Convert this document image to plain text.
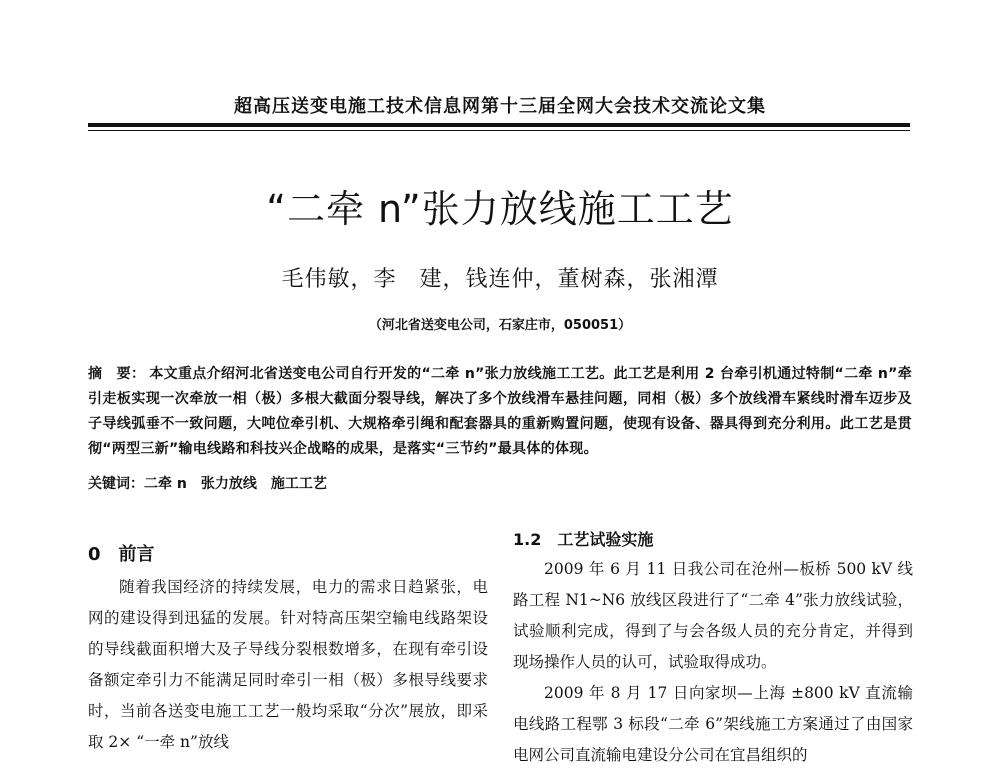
超高压送变电施工技术信息网第十三届全网大会技术交流论文集
“二牵 n”张力放线施工工艺
毛伟敏，李　建，钱连仲，董树森，张湘潭
（河北省送变电公司，石家庄市，050051）
摘　要： 本文重点介绍河北省送变电公司自行开发的“二牵 n”张力放线施工工艺。此工艺是利用 2 台牵引机通过特制“二牵 n”牵引走板实现一次牵放一相（极）多根大截面分裂导线，解决了多个放线滑车悬挂问题，同相（极）多个放线滑车紧线时滑车迈步及子导线弧垂不一致问题，大吨位牵引机、大规格牵引绳和配套器具的重新购置问题，使现有设备、器具得到充分利用。此工艺是贯彻“两型三新”输电线路和科技兴企战略的成果，是落实“三节约”最具体的体现。
关键词：二牵 n　张力放线　施工工艺
0　前言

随着我国经济的持续发展，电力的需求日趋紧张，电网的建设得到迅猛的发展。针对特高压架空输电线路架设的导线截面积增大及子导线分裂根数增多，在现有牵引设备额定牵引力不能满足同时牵引一相（极）多根导线要求时，当前各送变电施工工艺一般均采取“分次”展放，即采取 2× “一牵 n”放线

1.2　工艺试验实施

2009 年 6 月 11 日我公司在沧州—板桥 500 kV 线路工程 N1~N6 放线区段进行了“二牵 4”张力放线试验，试验顺利完成，得到了与会各级人员的充分肯定，并得到现场操作人员的认可，试验取得成功。

2009 年 8 月 17 日向家坝—上海 ±800 kV 直流输电线路工程鄂 3 标段“二牵 6”架线施工方案通过了由国家电网公司直流输电建设分公司在宜昌组织的
